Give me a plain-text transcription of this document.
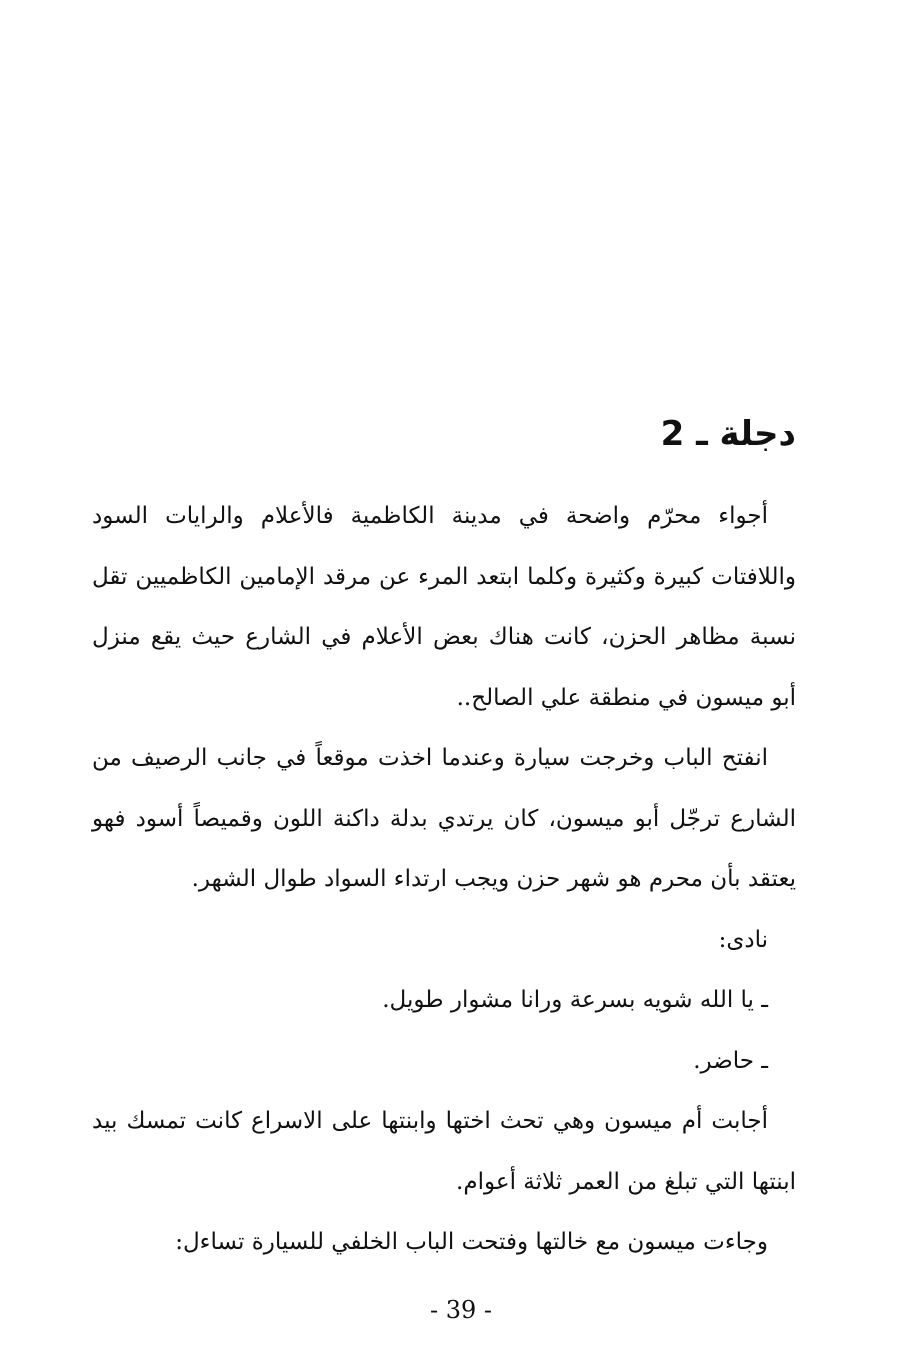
دجلة ـ 2

أجواء محرّم واضحة في مدينة الكاظمية فالأعلام والرايات السود واللافتات كبيرة وكثيرة وكلما ابتعد المرء عن مرقد الإمامين الكاظميين تقل نسبة مظاهر الحزن، كانت هناك بعض الأعلام في الشارع حيث يقع منزل أبو ميسون في منطقة علي الصالح..

انفتح الباب وخرجت سيارة وعندما اخذت موقعاً في جانب الرصيف من الشارع ترجّل أبو ميسون، كان يرتدي بدلة داكنة اللون وقميصاً أسود فهو يعتقد بأن محرم هو شهر حزن ويجب ارتداء السواد طوال الشهر.

نادى:

ـ يا الله شويه بسرعة ورانا مشوار طويل.

ـ حاضر.

أجابت أم ميسون وهي تحث اختها وابنتها على الاسراع كانت تمسك بيد ابنتها التي تبلغ من العمر ثلاثة أعوام.

وجاءت ميسون مع خالتها وفتحت الباب الخلفي للسيارة تساءل:

- 39 -
